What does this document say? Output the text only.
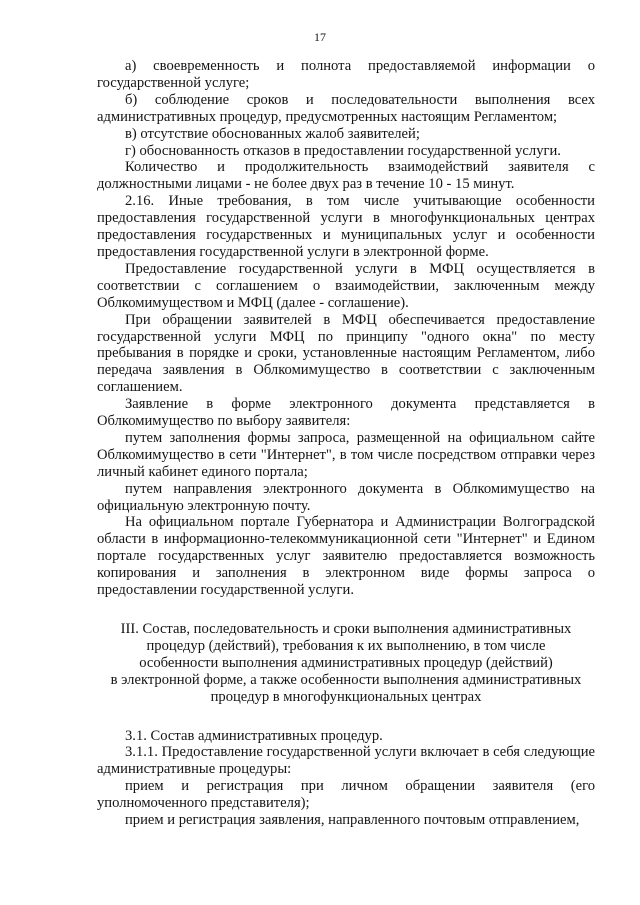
17

а) своевременность и полнота предоставляемой информации о государственной услуге;

б) соблюдение сроков и последовательности выполнения всех административных процедур, предусмотренных настоящим Регламентом;

в) отсутствие обоснованных жалоб заявителей;

г) обоснованность отказов в предоставлении государственной услуги.

Количество и продолжительность взаимодействий заявителя с должностными лицами - не более двух раз в течение 10 - 15 минут.

2.16. Иные требования, в том числе учитывающие особенности предоставления государственной услуги в многофункциональных центрах предоставления государственных и муниципальных услуг и особенности предоставления государственной услуги в электронной форме.

Предоставление государственной услуги в МФЦ осуществляется в соответствии с соглашением о взаимодействии, заключенным между Облкомимуществом и МФЦ (далее - соглашение).

При обращении заявителей в МФЦ обеспечивается предоставление государственной услуги МФЦ по принципу "одного окна" по месту пребывания в порядке и сроки, установленные настоящим Регламентом, либо передача заявления в Облкомимущество в соответствии с заключенным соглашением.

Заявление в форме электронного документа представляется в Облкомимущество по выбору заявителя:

путем заполнения формы запроса, размещенной на официальном сайте Облкомимущество в сети "Интернет", в том числе посредством отправки через личный кабинет единого портала;

путем направления электронного документа в Облкомимущество на официальную электронную почту.

На официальном портале Губернатора и Администрации Волгоградской области в информационно-телекоммуникационной сети "Интернет" и Едином портале государственных услуг заявителю предоставляется возможность копирования и заполнения в электронном виде формы запроса о предоставлении государственной услуги.

III. Состав, последовательность и сроки выполнения административных
процедур (действий), требования к их выполнению, в том числе
особенности выполнения административных процедур (действий)
в электронной форме, а также особенности выполнения административных
процедур в многофункциональных центрах

3.1. Состав административных процедур.

3.1.1. Предоставление государственной услуги включает в себя следующие административные процедуры:

прием и регистрация при личном обращении заявителя (его уполномоченного представителя);

прием и регистрация заявления, направленного почтовым отправлением,
